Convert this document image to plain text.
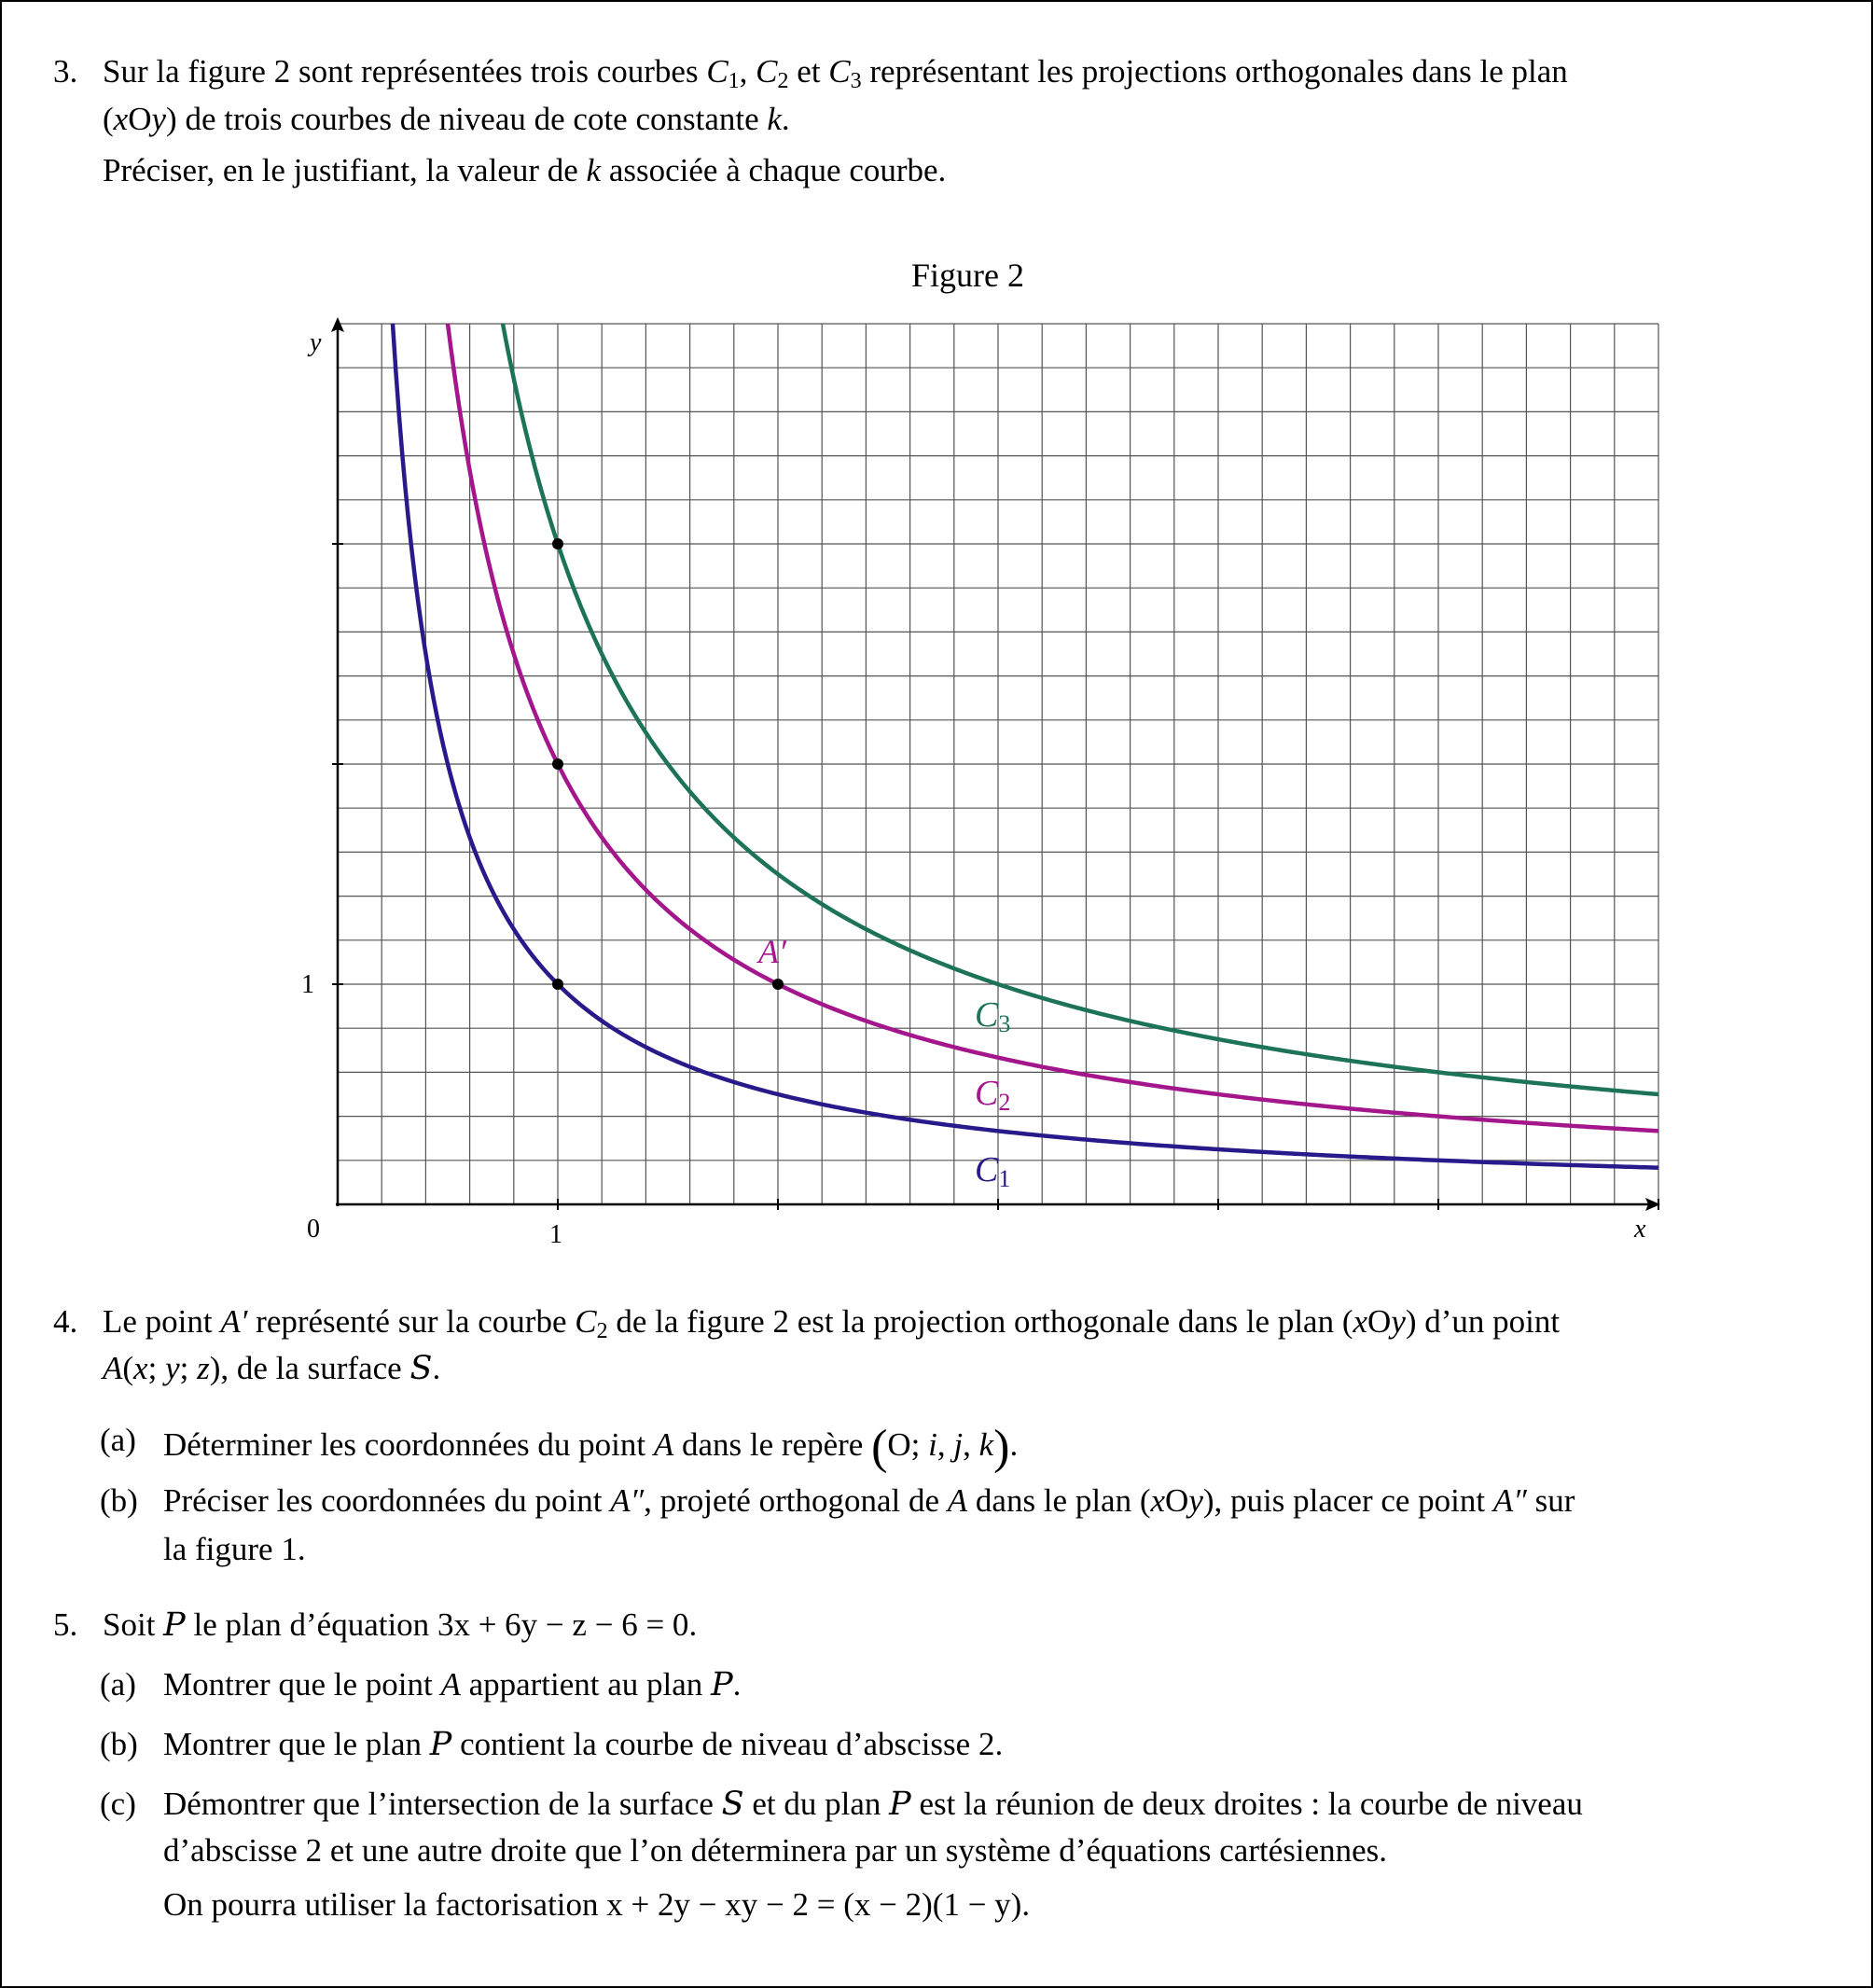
3. Sur la figure 2 sont représentées trois courbes $C_1$, $C_2$ et $C_3$ représentant les projections orthogonales dans le plan
(xOy) de trois courbes de niveau de cote constante k.
Préciser, en le justifiant, la valeur de k associée à chaque courbe.
Figure 2
x
y
0	1
1
A′
C3
C2
C1
4. Le point A′ représenté sur la courbe $C_2$ de la figure 2 est la projection orthogonale dans le plan (xOy) d’un point
A(x; y; z), de la surface S.
(a) Déterminer les coordonnées du point A dans le repère (O; i, j, k).
(b) Préciser les coordonnées du point A″, projeté orthogonal de A dans le plan (xOy), puis placer ce point A″ sur
la figure 1.
5. Soit P le plan d’équation 3x + 6y − z − 6 = 0.
(a) Montrer que le point A appartient au plan P.
(b) Montrer que le plan P contient la courbe de niveau d’abscisse 2.
(c) Démontrer que l’intersection de la surface S et du plan P est la réunion de deux droites : la courbe de niveau
d’abscisse 2 et une autre droite que l’on déterminera par un système d’équations cartésiennes.
On pourra utiliser la factorisation x + 2y − xy − 2 = (x − 2)(1 − y).
